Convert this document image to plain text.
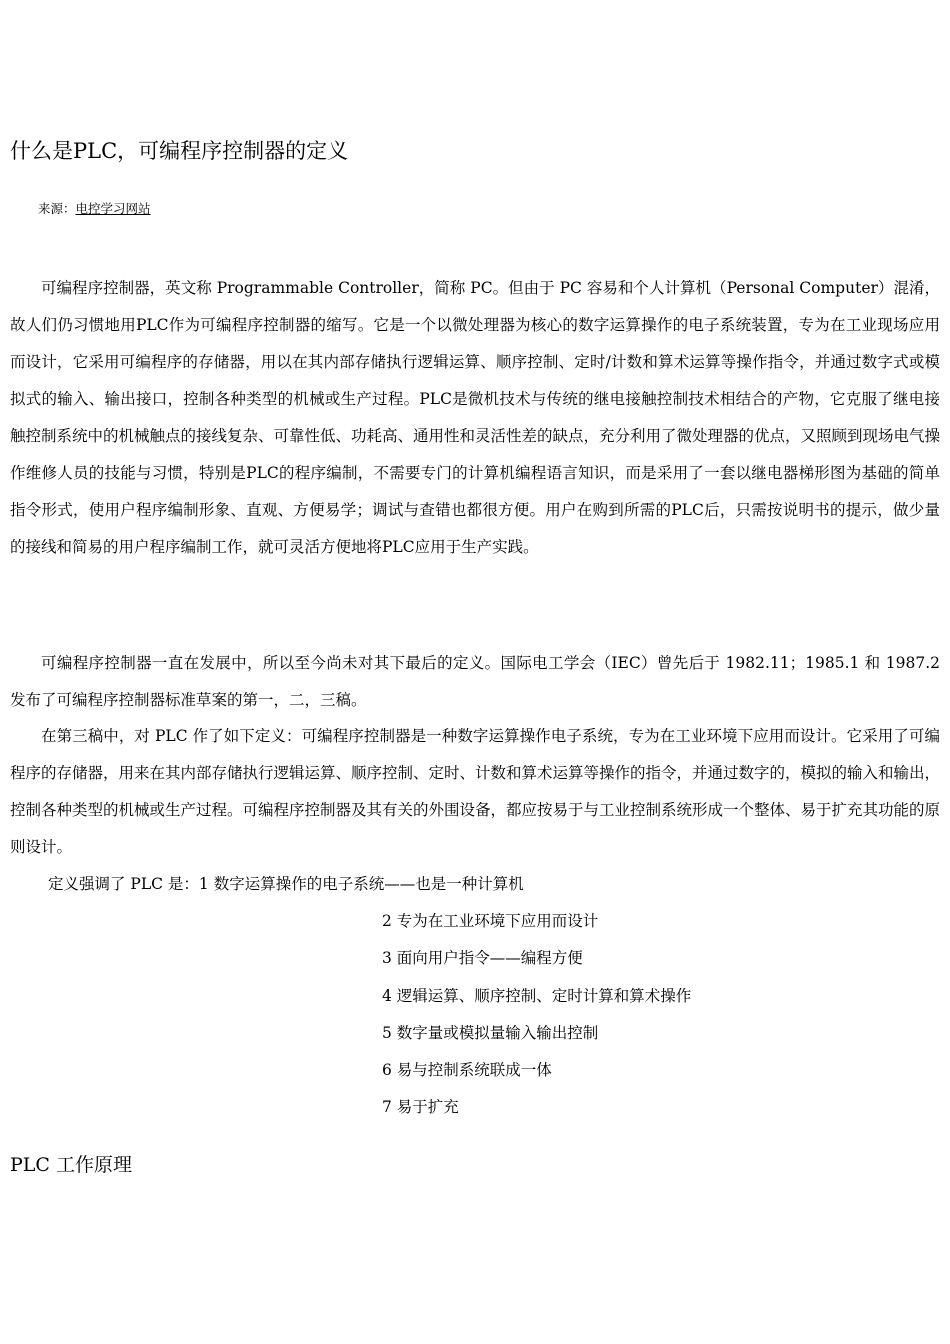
什么是PLC，可编程序控制器的定义
来源：电控学习网站

可编程序控制器，英文称 Programmable Controller，简称 PC。但由于 PC 容易和个人计算机（Personal Computer）混淆，故人们仍习惯地用PLC作为可编程序控制器的缩写。它是一个以微处理器为核心的数字运算操作的电子系统装置，专为在工业现场应用而设计，它采用可编程序的存储器，用以在其内部存储执行逻辑运算、顺序控制、定时/计数和算术运算等操作指令，并通过数字式或模拟式的输入、输出接口，控制各种类型的机械或生产过程。PLC是微机技术与传统的继电接触控制技术相结合的产物，它克服了继电接触控制系统中的机械触点的接线复杂、可靠性低、功耗高、通用性和灵活性差的缺点，充分利用了微处理器的优点，又照顾到现场电气操作维修人员的技能与习惯，特别是PLC的程序编制，不需要专门的计算机编程语言知识，而是采用了一套以继电器梯形图为基础的简单指令形式，使用户程序编制形象、直观、方便易学；调试与查错也都很方便。用户在购到所需的PLC后，只需按说明书的提示，做少量的接线和简易的用户程序编制工作，就可灵活方便地将PLC应用于生产实践。

可编程序控制器一直在发展中，所以至今尚未对其下最后的定义。国际电工学会（IEC）曾先后于 1982.11；1985.1 和 1987.2 发布了可编程序控制器标准草案的第一，二，三稿。

在第三稿中，对 PLC 作了如下定义：可编程序控制器是一种数字运算操作电子系统，专为在工业环境下应用而设计。它采用了可编程序的存储器，用来在其内部存储执行逻辑运算、顺序控制、定时、计数和算术运算等操作的指令，并通过数字的，模拟的输入和输出，控制各种类型的机械或生产过程。可编程序控制器及其有关的外围设备，都应按易于与工业控制系统形成一个整体、易于扩充其功能的原则设计。

定义强调了 PLC 是：1 数字运算操作的电子系统——也是一种计算机
2 专为在工业环境下应用而设计
3 面向用户指令——编程方便
4 逻辑运算、顺序控制、定时计算和算术操作
5 数字量或模拟量输入输出控制
6 易与控制系统联成一体
7 易于扩充
PLC 工作原理
